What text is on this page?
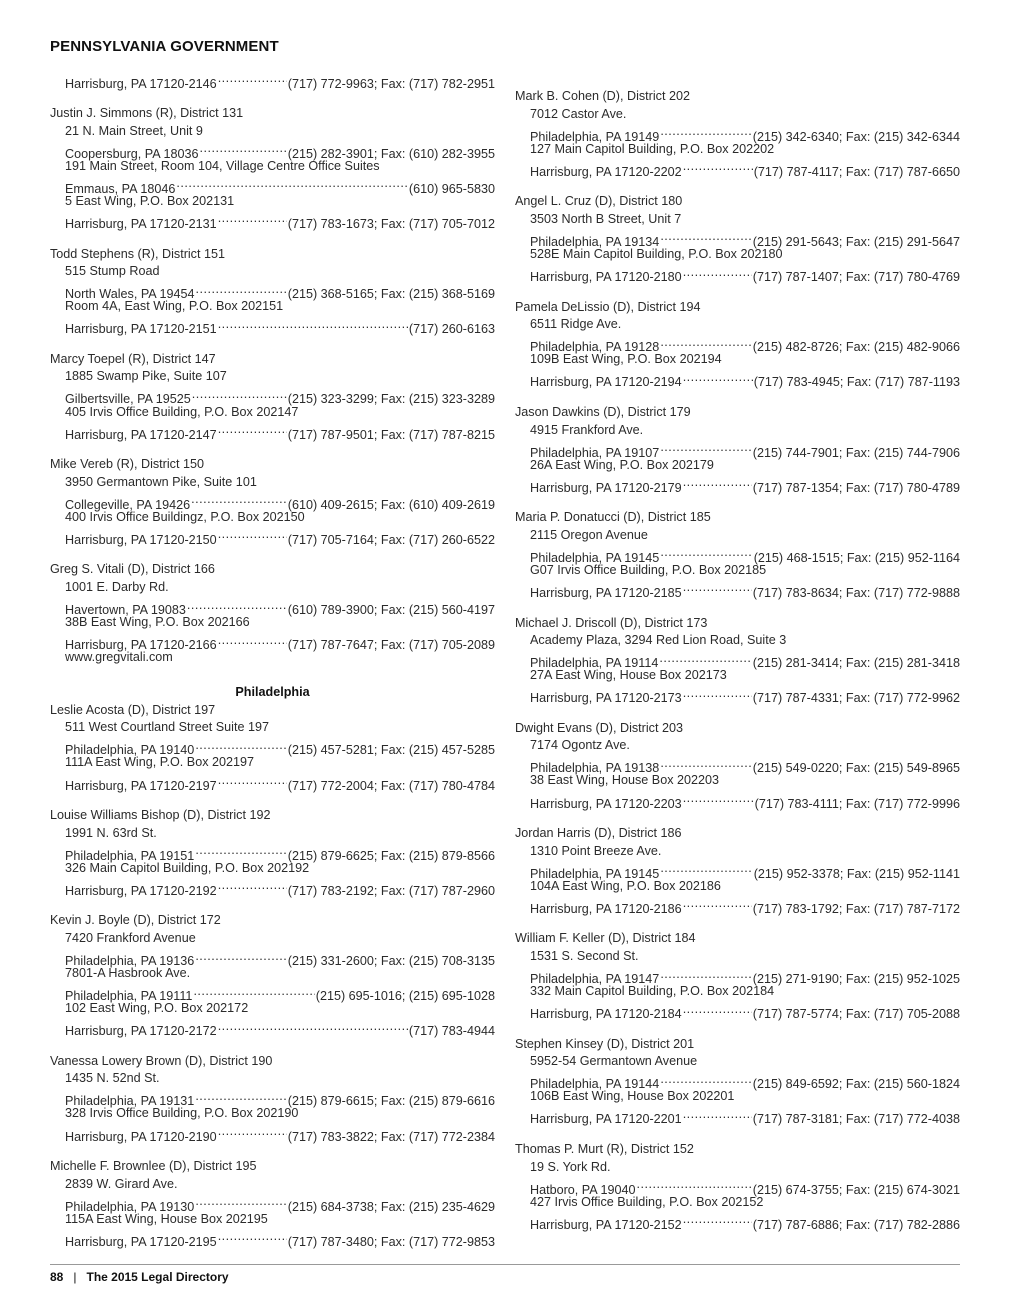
PENNSYLVANIA GOVERNMENT
Harrisburg, PA 17120-2146 .....	(717) 772-9963; Fax: (717) 782-2951
Justin J. Simmons (R), District 131
21 N. Main Street, Unit 9
Coopersburg, PA 18036 .....	(215) 282-3901; Fax: (610) 282-3955
191 Main Street, Room 104, Village Centre Office Suites
Emmaus, PA 18046 .....	(610) 965-5830
5 East Wing, P.O. Box 202131
Harrisburg, PA 17120-2131 .....	(717) 783-1673; Fax: (717) 705-7012
Todd Stephens (R), District 151
515 Stump Road
North Wales, PA 19454 .....	(215) 368-5165; Fax: (215) 368-5169
Room 4A, East Wing, P.O. Box 202151
Harrisburg, PA 17120-2151 .....	(717) 260-6163
Marcy Toepel (R), District 147
1885 Swamp Pike, Suite 107
Gilbertsville, PA 19525 .....	(215) 323-3299; Fax: (215) 323-3289
405 Irvis Office Building, P.O. Box 202147
Harrisburg, PA 17120-2147 .....	(717) 787-9501; Fax: (717) 787-8215
Mike Vereb (R), District 150
3950 Germantown Pike, Suite 101
Collegeville, PA 19426 .....	(610) 409-2615; Fax: (610) 409-2619
400 Irvis Office Buildingz, P.O. Box 202150
Harrisburg, PA 17120-2150 .....	(717) 705-7164; Fax: (717) 260-6522
Greg S. Vitali (D), District 166
1001 E. Darby Rd.
Havertown, PA 19083 .....	(610) 789-3900; Fax: (215) 560-4197
38B East Wing, P.O. Box 202166
Harrisburg, PA 17120-2166 .....	(717) 787-7647; Fax: (717) 705-2089
www.gregvitali.com
Philadelphia
Leslie Acosta (D), District 197
511 West Courtland Street Suite 197
Philadelphia, PA 19140 .....	(215) 457-5281; Fax: (215) 457-5285
111A East Wing, P.O. Box 202197
Harrisburg, PA 17120-2197 .....	(717) 772-2004; Fax: (717) 780-4784
Louise Williams Bishop (D), District 192
1991 N. 63rd St.
Philadelphia, PA 19151 .....	(215) 879-6625; Fax: (215) 879-8566
326 Main Capitol Building, P.O. Box 202192
Harrisburg, PA 17120-2192 .....	(717) 783-2192; Fax: (717) 787-2960
Kevin J. Boyle (D), District 172
7420 Frankford Avenue
Philadelphia, PA 19136 .....	(215) 331-2600; Fax: (215) 708-3135
7801-A Hasbrook Ave.
Philadelphia, PA 19111 .....	(215) 695-1016; (215) 695-1028
102 East Wing, P.O. Box 202172
Harrisburg, PA 17120-2172 .....	(717) 783-4944
Vanessa Lowery Brown (D), District 190
1435 N. 52nd St.
Philadelphia, PA 19131 .....	(215) 879-6615; Fax: (215) 879-6616
328 Irvis Office Building, P.O. Box 202190
Harrisburg, PA 17120-2190 .....	(717) 783-3822; Fax: (717) 772-2384
Michelle F. Brownlee (D), District 195
2839 W. Girard Ave.
Philadelphia, PA 19130 .....	(215) 684-3738; Fax: (215) 235-4629
115A East Wing, House Box 202195
Harrisburg, PA 17120-2195 .....	(717) 787-3480; Fax: (717) 772-9853
Mark B. Cohen (D), District 202
7012 Castor Ave.
Philadelphia, PA 19149 .....	(215) 342-6340; Fax: (215) 342-6344
127 Main Capitol Building, P.O. Box 202202
Harrisburg, PA 17120-2202 .....	(717) 787-4117; Fax: (717) 787-6650
Angel L. Cruz (D), District 180
3503 North B Street, Unit 7
Philadelphia, PA 19134 .....	(215) 291-5643; Fax: (215) 291-5647
528E Main Capitol Building, P.O. Box 202180
Harrisburg, PA 17120-2180 .....	(717) 787-1407; Fax: (717) 780-4769
Pamela DeLissio (D), District 194
6511 Ridge Ave.
Philadelphia, PA 19128 .....	(215) 482-8726; Fax: (215) 482-9066
109B East Wing, P.O. Box 202194
Harrisburg, PA 17120-2194 .....	(717) 783-4945; Fax: (717) 787-1193
Jason Dawkins (D), District 179
4915 Frankford Ave.
Philadelphia, PA 19107 .....	(215) 744-7901; Fax: (215) 744-7906
26A East Wing, P.O. Box 202179
Harrisburg, PA 17120-2179 .....	(717) 787-1354; Fax: (717) 780-4789
Maria P. Donatucci (D), District 185
2115 Oregon Avenue
Philadelphia, PA 19145 .....	(215) 468-1515; Fax: (215) 952-1164
G07 Irvis Office Building, P.O. Box 202185
Harrisburg, PA 17120-2185 .....	(717) 783-8634; Fax: (717) 772-9888
Michael J. Driscoll (D), District 173
Academy Plaza, 3294 Red Lion Road, Suite 3
Philadelphia, PA 19114 .....	(215) 281-3414; Fax: (215) 281-3418
27A East Wing, House Box 202173
Harrisburg, PA 17120-2173 .....	(717) 787-4331; Fax: (717) 772-9962
Dwight Evans (D), District 203
7174 Ogontz Ave.
Philadelphia, PA 19138 .....	(215) 549-0220; Fax: (215) 549-8965
38 East Wing, House Box 202203
Harrisburg, PA 17120-2203 .....	(717) 783-4111; Fax: (717) 772-9996
Jordan Harris (D), District 186
1310 Point Breeze Ave.
Philadelphia, PA 19145 .....	(215) 952-3378; Fax: (215) 952-1141
104A East Wing, P.O. Box 202186
Harrisburg, PA 17120-2186 .....	(717) 783-1792; Fax: (717) 787-7172
William F. Keller (D), District 184
1531 S. Second St.
Philadelphia, PA 19147 .....	(215) 271-9190; Fax: (215) 952-1025
332 Main Capitol Building, P.O. Box 202184
Harrisburg, PA 17120-2184 .....	(717) 787-5774; Fax: (717) 705-2088
Stephen Kinsey (D), District 201
5952-54 Germantown Avenue
Philadelphia, PA 19144 .....	(215) 849-6592; Fax: (215) 560-1824
106B East Wing, House Box 202201
Harrisburg, PA 17120-2201 .....	(717) 787-3181; Fax: (717) 772-4038
Thomas P. Murt (R), District 152
19 S. York Rd.
Hatboro, PA 19040 .....	(215) 674-3755; Fax: (215) 674-3021
427 Irvis Office Building, P.O. Box 202152
Harrisburg, PA 17120-2152 .....	(717) 787-6886; Fax: (717) 782-2886
88 | The 2015 Legal Directory
